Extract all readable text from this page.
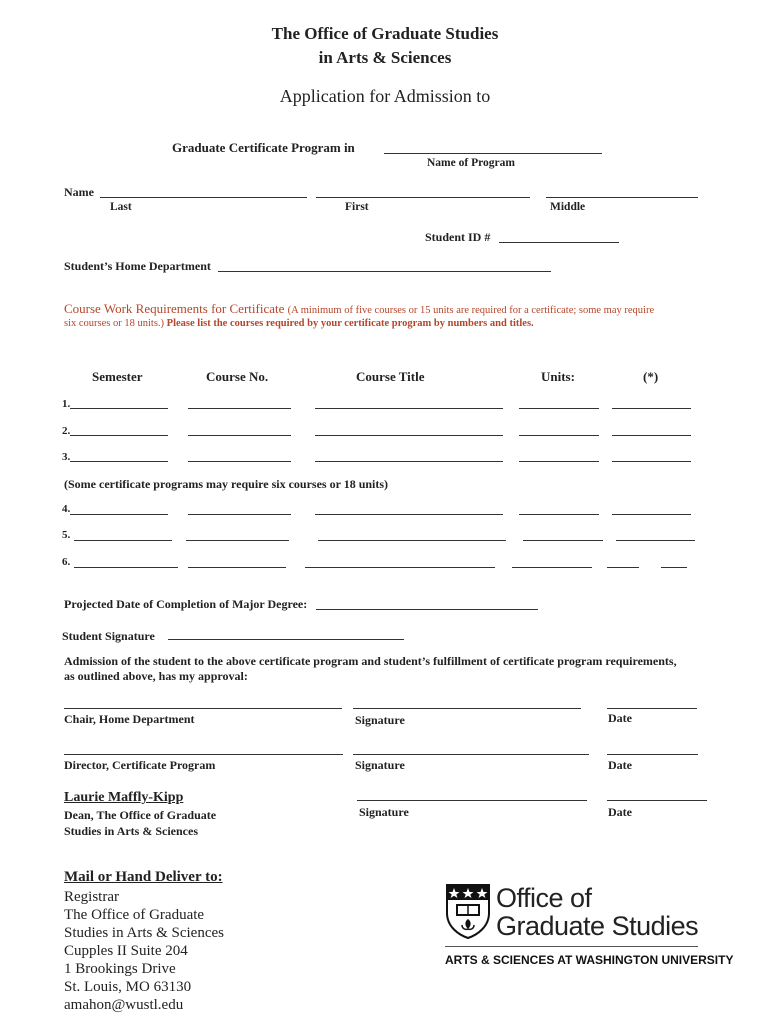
The Office of Graduate Studies
in Arts & Sciences
Application for Admission to
Graduate Certificate Program in
Name of Program
Name
Last	First	Middle
Student ID #
Student’s Home Department
Course Work Requirements for Certificate (A minimum of five courses or 15 units are required for a certificate; some may require
six courses or 18 units.) Please list the courses required by your certificate program by numbers and titles.
Semester	Course No.	Course Title	Units:	(*)
1.
2.
3.
(Some certificate programs may require six courses or 18 units)
4.
5.
6.
Projected Date of Completion of Major Degree:
Student Signature
Admission of the student to the above certificate program and student’s fulfillment of certificate program requirements,
as outlined above, has my approval:
Chair, Home Department	Signature	Date
Director, Certificate Program	Signature	Date
Laurie Maffly-Kipp
Dean, The Office of Graduate
Studies in Arts & Sciences
Signature	Date
Mail or Hand Deliver to:
Registrar
The Office of Graduate
Studies in Arts & Sciences
Cupples II Suite 204
1 Brookings Drive
St. Louis, MO 63130
amahon@wustl.edu
Office of
Graduate Studies
ARTS & SCIENCES AT WASHINGTON UNIVERSITY
